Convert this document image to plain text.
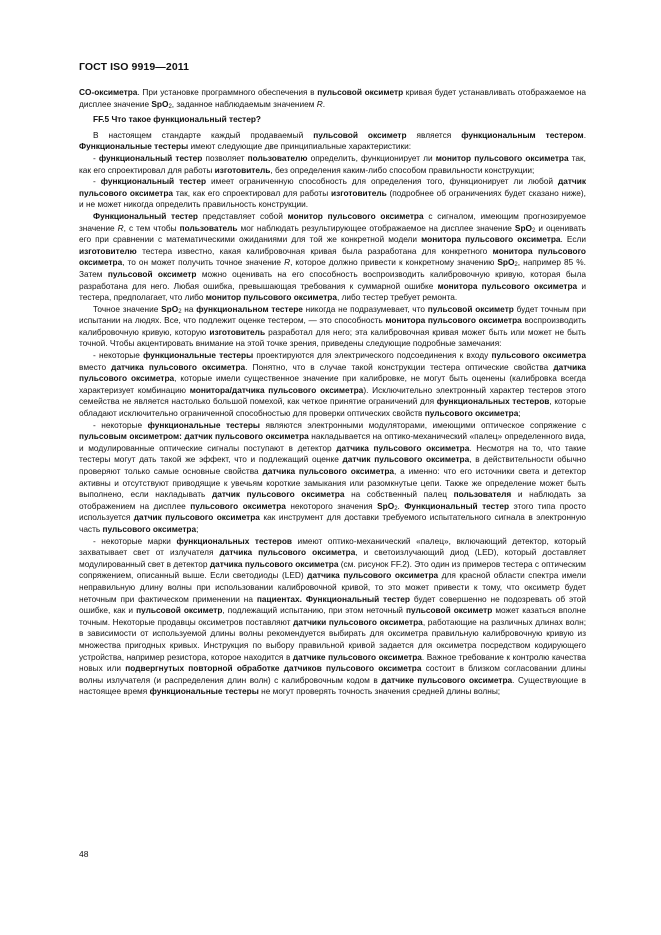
ГОСТ ISO 9919—2011

CO-оксиметра. При установке программного обеспечения в пульсовой оксиметр кривая будет устанавливать отображаемое на дисплее значение SpO$_2$, заданное наблюдаемым значением R.

FF.5 Что такое функциональный тестер?

В настоящем стандарте каждый продаваемый пульсовой оксиметр является функциональным тестером. Функциональные тестеры имеют следующие две принципиальные характеристики:

- функциональный тестер позволяет пользователю определить, функционирует ли монитор пульсового оксиметра так, как его спроектировал для работы изготовитель, без определения каким-либо способом правильности конструкции;

- функциональный тестер имеет ограниченную способность для определения того, функционирует ли любой датчик пульсового оксиметра так, как его спроектировал для работы изготовитель (подробнее об ограничениях будет сказано ниже), и не может никогда определить правильность конструкции.

Функциональный тестер представляет собой монитор пульсового оксиметра с сигналом, имеющим прогнозируемое значение R, с тем чтобы пользователь мог наблюдать результирующее отображаемое на дисплее значение SpO$_2$ и оценивать его при сравнении с математическими ожиданиями для той же конкретной модели монитора пульсового оксиметра. Если изготовителю тестера известно, какая калибровочная кривая была разработана для конкретного монитора пульсового оксиметра, то он может получить точное значение R, которое должно привести к конкретному значению SpO$_2$, например 85 %. Затем пульсовой оксиметр можно оценивать на его способность воспроизводить калибровочную кривую, которая была разработана для него. Любая ошибка, превышающая требования к суммарной ошибке монитора пульсового оксиметра и тестера, предполагает, что либо монитор пульсового оксиметра, либо тестер требует ремонта.

Точное значение SpO$_2$ на функциональном тестере никогда не подразумевает, что пульсовой оксиметр будет точным при испытании на людях. Все, что подлежит оценке тестером, — это способность монитора пульсового оксиметра воспроизводить калибровочную кривую, которую изготовитель разработал для него; эта калибровочная кривая может быть или может не быть точной. Чтобы акцентировать внимание на этой точке зрения, приведены следующие подробные замечания:

- некоторые функциональные тестеры проектируются для электрического подсоединения к входу пульсового оксиметра вместо датчика пульсового оксиметра. Понятно, что в случае такой конструкции тестера оптические свойства датчика пульсового оксиметра, которые имели существенное значение при калибровке, не могут быть оценены (калибровка всегда характеризует комбинацию монитора/датчика пульсового оксиметра). Исключительно электронный характер тестеров этого семейства не является настолько большой помехой, как четкое принятие ограничений для функциональных тестеров, которые обладают исключительно ограниченной способностью для проверки оптических свойств пульсового оксиметра;

- некоторые функциональные тестеры являются электронными модуляторами, имеющими оптическое сопряжение с пульсовым оксиметром: датчик пульсового оксиметра накладывается на оптико-механический «палец» определенного вида, и модулированные оптические сигналы поступают в детектор датчика пульсового оксиметра. Несмотря на то, что такие тестеры могут дать такой же эффект, что и подлежащий оценке датчик пульсового оксиметра, в действительности обычно проверяют только самые основные свойства датчика пульсового оксиметра, а именно: что его источники света и детектор активны и отсутствуют приводящие к увечьям короткие замыкания или разомкнутые цепи. Также же определение может быть выполнено, если накладывать датчик пульсового оксиметра на собственный палец пользователя и наблюдать за отображением на дисплее пульсового оксиметра некоторого значения SpO$_2$. Функциональный тестер этого типа просто используется датчик пульсового оксиметра как инструмент для доставки требуемого испытательного сигнала в электронную часть пульсового оксиметра;

- некоторые марки функциональных тестеров имеют оптико-механический «палец», включающий детектор, который захватывает свет от излучателя датчика пульсового оксиметра, и светоизлучающий диод (LED), который доставляет модулированный свет в детектор датчика пульсового оксиметра (см. рисунок FF.2). Это один из примеров тестера с оптическим сопряжением, описанный выше. Если светодиоды (LED) датчика пульсового оксиметра для красной области спектра имели неправильную длину волны при использовании калибровочной кривой, то это может привести к тому, что оксиметр будет неточным при фактическом применении на пациентах. Функциональный тестер будет совершенно не подозревать об этой ошибке, как и пульсовой оксиметр, подлежащий испытанию, при этом неточный пульсовой оксиметр может казаться вполне точным. Некоторые продавцы оксиметров поставляют датчики пульсового оксиметра, работающие на различных длинах волн; в зависимости от используемой длины волны рекомендуется выбирать для оксиметра правильную калибровочную кривую из множества пригодных кривых. Инструкция по выбору правильной кривой задается для оксиметра посредством кодирующего устройства, например резистора, которое находится в датчике пульсового оксиметра. Важное требование к контролю качества новых или подвергнутых повторной обработке датчиков пульсового оксиметра состоит в близком согласовании длины волны излучателя (и распределения длин волн) с калибровочным кодом в датчике пульсового оксиметра. Существующие в настоящее время функциональные тестеры не могут проверять точность значения средней длины волны;

48
